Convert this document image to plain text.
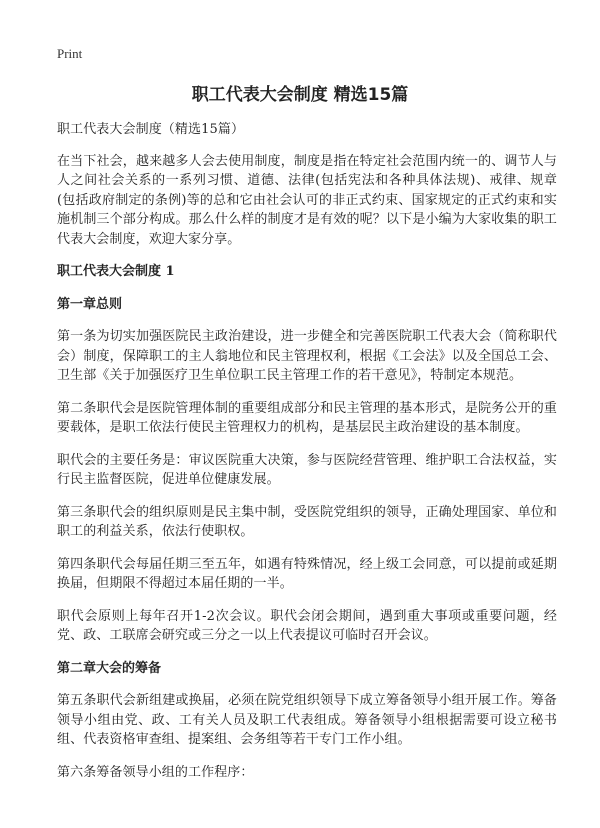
Print
职工代表大会制度 精选15篇

职工代表大会制度（精选15篇）

在当下社会，越来越多人会去使用制度，制度是指在特定社会范围内统一的、调节人与人之间社会关系的一系列习惯、道德、法律(包括宪法和各种具体法规)、戒律、规章(包括政府制定的条例)等的总和它由社会认可的非正式约束、国家规定的正式约束和实施机制三个部分构成。那么什么样的制度才是有效的呢？以下是小编为大家收集的职工代表大会制度，欢迎大家分享。

职工代表大会制度 1
第一章总则

第一条为切实加强医院民主政治建设，进一步健全和完善医院职工代表大会（简称职代会）制度，保障职工的主人翁地位和民主管理权利，根据《工会法》以及全国总工会、卫生部《关于加强医疗卫生单位职工民主管理工作的若干意见》，特制定本规范。

第二条职代会是医院管理体制的重要组成部分和民主管理的基本形式，是院务公开的重要载体，是职工依法行使民主管理权力的机构，是基层民主政治建设的基本制度。

职代会的主要任务是：审议医院重大决策，参与医院经营管理、维护职工合法权益，实行民主监督医院，促进单位健康发展。

第三条职代会的组织原则是民主集中制，受医院党组织的领导，正确处理国家、单位和职工的利益关系，依法行使职权。

第四条职代会每届任期三至五年，如遇有特殊情况，经上级工会同意，可以提前或延期换届，但期限不得超过本届任期的一半。

职代会原则上每年召开1-2次会议。职代会闭会期间，遇到重大事项或重要问题，经党、政、工联席会研究或三分之一以上代表提议可临时召开会议。

第二章大会的筹备

第五条职代会新组建或换届，必须在院党组织领导下成立筹备领导小组开展工作。筹备领导小组由党、政、工有关人员及职工代表组成。筹备领导小组根据需要可设立秘书组、代表资格审查组、提案组、会务组等若干专门工作小组。

第六条筹备领导小组的工作程序：
